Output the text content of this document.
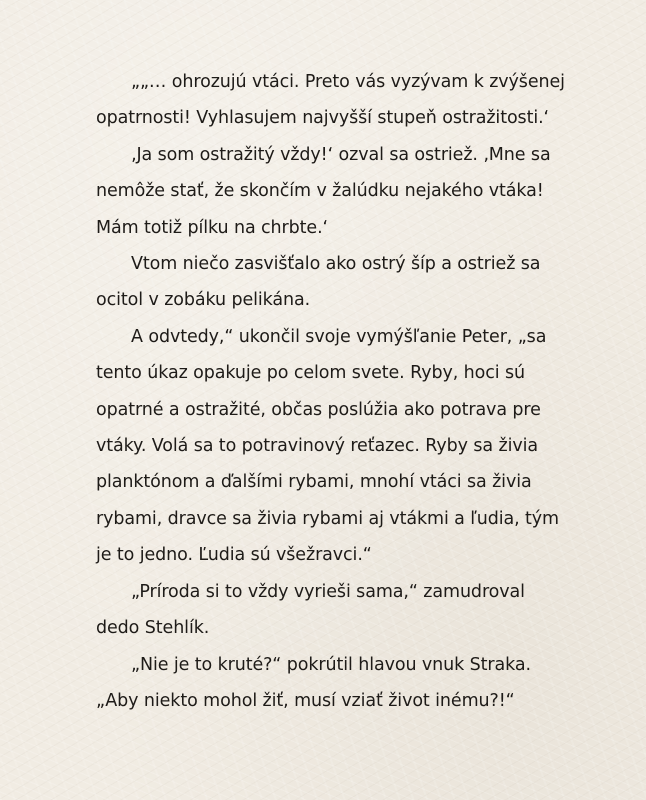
„„… ohrozujú vtáci. Preto vás vyzývam k zvýšenej
opatrnosti! Vyhlasujem najvyšší stupeň ostražitosti.‘
‚Ja som ostražitý vždy!‘ ozval sa ostriež. ‚Mne sa
nemôže stať, že skončím v žalúdku nejakého vtáka!
Mám totiž pílku na chrbte.‘
Vtom niečo zasvišťalo ako ostrý šíp a ostriež sa
ocitol v zobáku pelikána.
A odvtedy,“ ukončil svoje vymýšľanie Peter, „sa
tento úkaz opakuje po celom svete. Ryby, hoci sú
opatrné a ostražité, občas poslúžia ako potrava pre
vtáky. Volá sa to potravinový reťazec. Ryby sa živia
planktónom a ďalšími rybami, mnohí vtáci sa živia
rybami, dravce sa živia rybami aj vtákmi a ľudia, tým
je to jedno. Ľudia sú všežravci.“
„Príroda si to vždy vyrieši sama,“ zamudroval
dedo Stehlík.
„Nie je to kruté?“ pokrútil hlavou vnuk Straka.
„Aby niekto mohol žiť, musí vziať život inému?!“
